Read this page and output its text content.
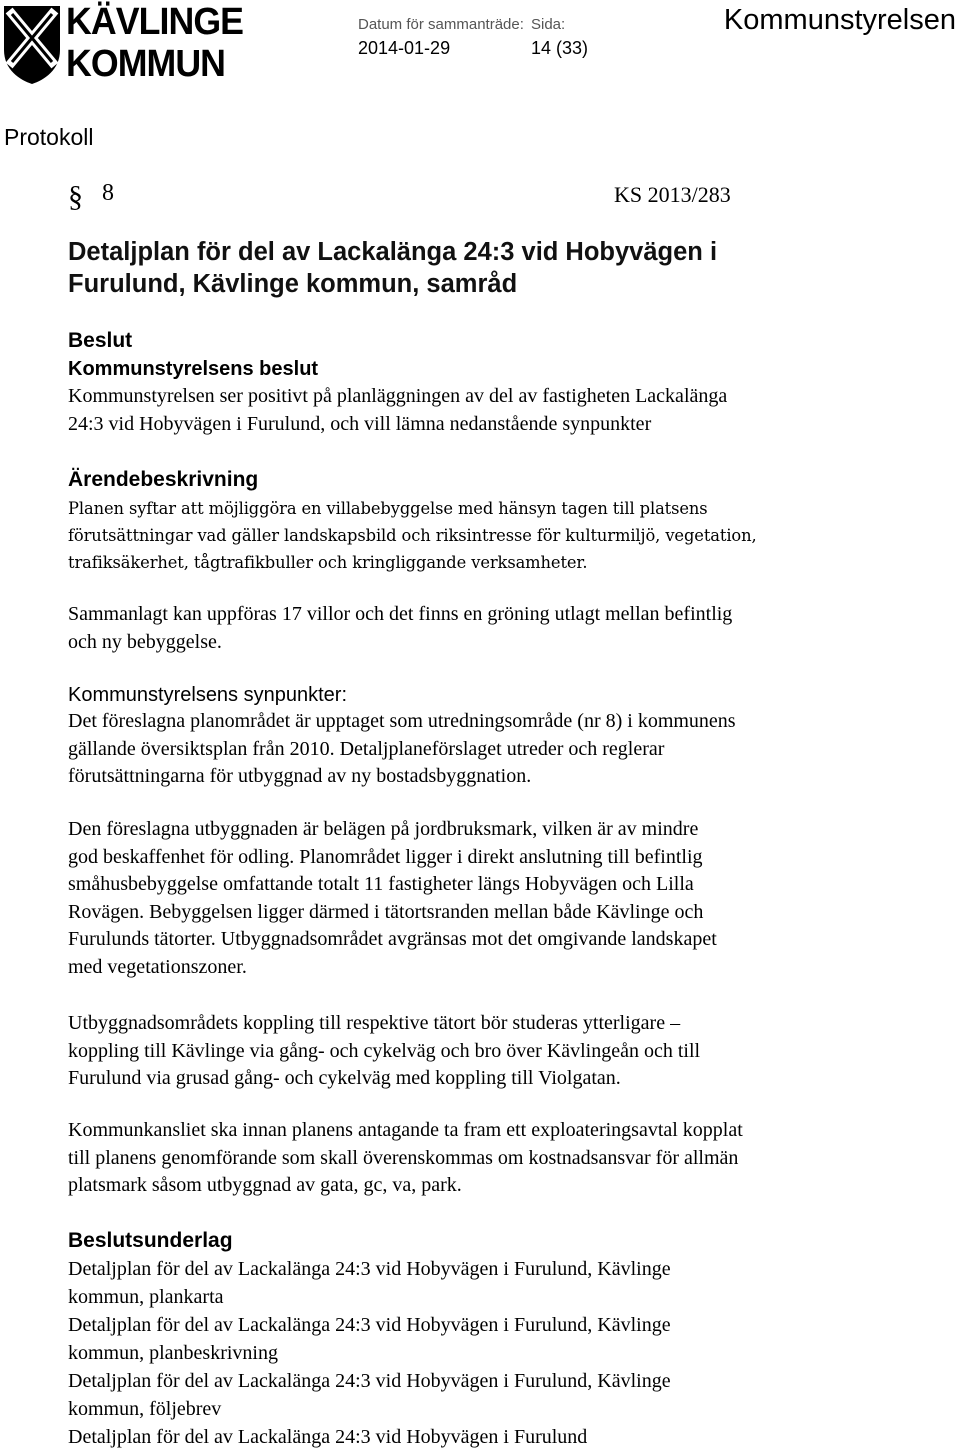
KÄVLINGE
KOMMUN
Datum för sammanträde:
2014-01-29
Sida:
14 (33)
Kommunstyrelsen
Protokoll
§ 8	KS 2013/283
Detaljplan för del av Lackalänga 24:3 vid Hobyvägen i
Furulund, Kävlinge kommun, samråd
Beslut
Kommunstyrelsens beslut
Kommunstyrelsen ser positivt på planläggningen av del av fastigheten Lackalänga
24:3 vid Hobyvägen i Furulund, och vill lämna nedanstående synpunkter
Ärendebeskrivning
Planen syftar att möjliggöra en villabebyggelse med hänsyn tagen till platsens
förutsättningar vad gäller landskapsbild och riksintresse för kulturmiljö, vegetation,
trafiksäkerhet, tågtrafikbuller och kringliggande verksamheter.
Sammanlagt kan uppföras 17 villor och det finns en gröning utlagt mellan befintlig
och ny bebyggelse.
Kommunstyrelsens synpunkter:
Det föreslagna planområdet är upptaget som utredningsområde (nr 8) i kommunens
gällande översiktsplan från 2010. Detaljplaneförslaget utreder och reglerar
förutsättningarna för utbyggnad av ny bostadsbyggnation.
Den föreslagna utbyggnaden är belägen på jordbruksmark, vilken är av mindre
god beskaffenhet för odling. Planområdet ligger i direkt anslutning till befintlig
småhusbebyggelse omfattande totalt 11 fastigheter längs Hobyvägen och Lilla
Rovägen. Bebyggelsen ligger därmed i tätortsranden mellan både Kävlinge och
Furulunds tätorter. Utbyggnadsområdet avgränsas mot det omgivande landskapet
med vegetationszoner.
Utbyggnadsområdets koppling till respektive tätort bör studeras ytterligare –
koppling till Kävlinge via gång- och cykelväg och bro över Kävlingeån och till
Furulund via grusad gång- och cykelväg med koppling till Violgatan.
Kommunkansliet ska innan planens antagande ta fram ett exploateringsavtal kopplat
till planens genomförande som skall överenskommas om kostnadsansvar för allmän
platsmark såsom utbyggnad av gata, gc, va, park.
Beslutsunderlag
Detaljplan för del av Lackalänga 24:3 vid Hobyvägen i Furulund, Kävlinge
kommun, plankarta
Detaljplan för del av Lackalänga 24:3 vid Hobyvägen i Furulund, Kävlinge
kommun, planbeskrivning
Detaljplan för del av Lackalänga 24:3 vid Hobyvägen i Furulund, Kävlinge
kommun, följebrev
Detaljplan för del av Lackalänga 24:3 vid Hobyvägen i Furulund
